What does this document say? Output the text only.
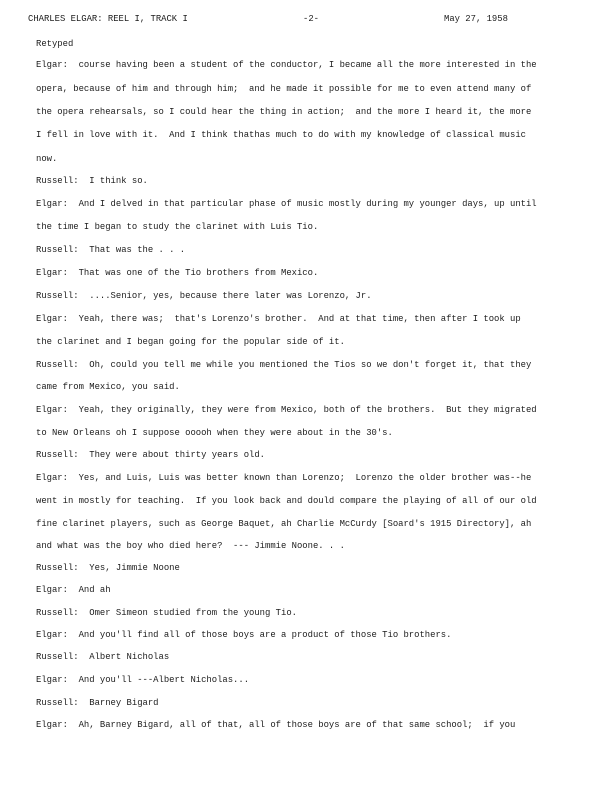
CHARLES ELGAR: REEL I, TRACK I	-2-	May 27, 1958
Retyped
Elgar:  course having been a student of the conductor, I became all the more interested in the
opera, because of him and through him;  and he made it possible for me to even attend many of
the opera rehearsals, so I could hear the thing in action;  and the more I heard it, the more
I fell in love with it.  And I think thathas much to do with my knowledge of classical music
now.
Russell:  I think so.
Elgar:  And I delved in that particular phase of music mostly during my younger days, up until
the time I began to study the clarinet with Luis Tio.
Russell:  That was the . . .
Elgar:  That was one of the Tio brothers from Mexico.
Russell:  ....Senior, yes, because there later was Lorenzo, Jr.
Elgar:  Yeah, there was;  that's Lorenzo's brother.  And at that time, then after I took up
the clarinet and I began going for the popular side of it.
Russell:  Oh, could you tell me while you mentioned the Tios so we don't forget it, that they
came from Mexico, you said.
Elgar:  Yeah, they originally, they were from Mexico, both of the brothers.  But they migrated
to New Orleans oh I suppose ooooh when they were about in the 30's.
Russell:  They were about thirty years old.
Elgar:  Yes, and Luis, Luis was better known than Lorenzo;  Lorenzo the older brother was--he
went in mostly for teaching.  If you look back and dould compare the playing of all of our old
fine clarinet players, such as George Baquet, ah Charlie McCurdy [Soard's 1915 Directory], ah
and what was the boy who died here?  --- Jimmie Noone. . .
Russell:  Yes, Jimmie Noone
Elgar:  And ah
Russell:  Omer Simeon studied from the young Tio.
Elgar:  And you'll find all of those boys are a product of those Tio brothers.
Russell:  Albert Nicholas
Elgar:  And you'll ---Albert Nicholas...
Russell:  Barney Bigard
Elgar:  Ah, Barney Bigard, all of that, all of those boys are of that same school;  if you
